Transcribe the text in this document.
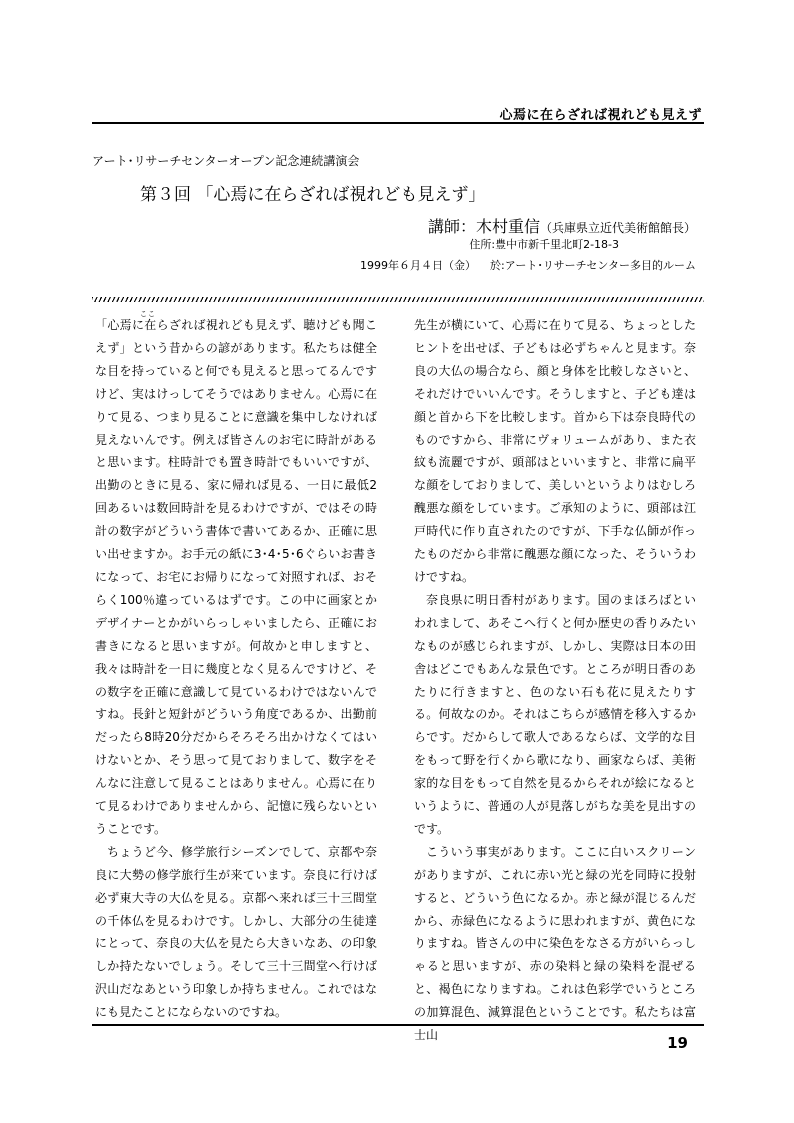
心焉に在らざれば視れども見えず
アート･リサーチセンターオープン記念連続講演会
第３回 「心焉に在らざれば視れども見えず」
講師：木村重信（兵庫県立近代美術館館長）
住所:豊中市新千里北町2-18-3
1999年６月４日（金） 於:アート･リサーチセンター多目的ルーム
ここ

「心焉に在らざれば視れども見えず、聴けども聞こえず」という昔からの諺があります。私たちは健全な目を持っていると何でも見えると思ってるんですけど、実はけっしてそうではありません。心焉に在りて見る、つまり見ることに意識を集中しなければ見えないんです。例えば皆さんのお宅に時計があると思います。柱時計でも置き時計でもいいですが、出勤のときに見る、家に帰れば見る、一日に最低2回あるいは数回時計を見るわけですが、ではその時計の数字がどういう書体で書いてあるか、正確に思い出せますか。お手元の紙に3･4･5･6ぐらいお書きになって、お宅にお帰りになって対照すれば、おそらく100％違っているはずです。この中に画家とかデザイナーとかがいらっしゃいましたら、正確にお書きになると思いますが。何故かと申しますと、我々は時計を一日に幾度となく見るんですけど、その数字を正確に意識して見ているわけではないんですね。長針と短針がどういう角度であるか、出勤前だったら8時20分だからそろそろ出かけなくてはいけないとか、そう思って見ておりまして、数字をそんなに注意して見ることはありません。心焉に在りて見るわけでありませんから、記憶に残らないということです。

ちょうど今、修学旅行シーズンでして、京都や奈良に大勢の修学旅行生が来ています。奈良に行けば必ず東大寺の大仏を見る。京都へ来れば三十三間堂の千体仏を見るわけです。しかし、大部分の生徒達にとって、奈良の大仏を見たら大きいなあ、の印象しか持たないでしょう。そして三十三間堂へ行けば沢山だなあという印象しか持ちません。これではなにも見たことにならないのですね。

先生が横にいて、心焉に在りて見る、ちょっとしたヒントを出せば、子どもは必ずちゃんと見ます。奈良の大仏の場合なら、顔と身体を比較しなさいと、それだけでいいんです。そうしますと、子ども達は顔と首から下を比較します。首から下は奈良時代のものですから、非常にヴォリュームがあり、また衣紋も流麗ですが、頭部はといいますと、非常に扁平な顔をしておりまして、美しいというよりはむしろ醜悪な顔をしています。ご承知のように、頭部は江戸時代に作り直されたのですが、下手な仏師が作ったものだから非常に醜悪な顔になった、そういうわけですね。

奈良県に明日香村があります。国のまほろばといわれまして、あそこへ行くと何か歴史の香りみたいなものが感じられますが、しかし、実際は日本の田舎はどこでもあんな景色です。ところが明日香のあたりに行きますと、色のない石も花に見えたりする。何故なのか。それはこちらが感情を移入するからです。だからして歌人であるならば、文学的な目をもって野を行くから歌になり、画家ならば、美術家的な目をもって自然を見るからそれが絵になるというように、普通の人が見落しがちな美を見出すのです。

こういう事実があります。ここに白いスクリーンがありますが、これに赤い光と緑の光を同時に投射すると、どういう色になるか。赤と緑が混じるんだから、赤緑色になるように思われますが、黄色になりますね。皆さんの中に染色をなさる方がいらっしゃると思いますが、赤の染料と緑の染料を混ぜると、褐色になりますね。これは色彩学でいうところの加算混色、減算混色ということです。私たちは富士山	19
